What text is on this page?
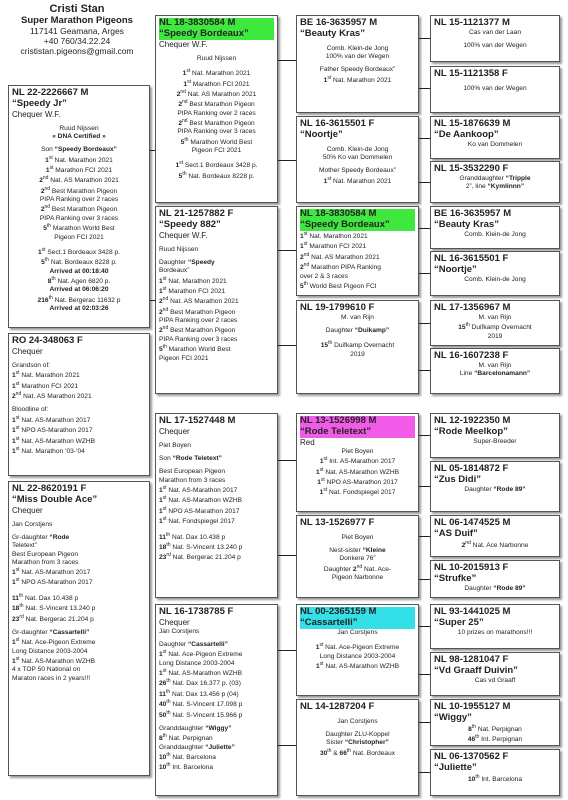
Cristi Stan
Super Marathon Pigeons
117141 Geamana, Arges
+40 760/34.22.24
crististan.pigeons@gmail.com
NL 22-2226667 M
“Speedy Jr”
Chequer W.F.
Ruud Nijssen
« DNA Certified »
Son “Speedy Bordeaux”
1st Nat. Marathon 2021
1st Marathon FCI 2021
2nd Nat. AS Marathon 2021
2nd Best Marathon Pigeon
PIPA Ranking over 2 races
2nd Best Marathon Pigeon
PIPA Ranking over 3 races
5th Marathon World Best
Pigeon FCI 2021
1st Sect.1 Bordeaux 3428 p.
5th Nat. Bordeaux 8228 p.
Arrived at 00:18:40
8th Nat. Agen 6820 p.
Arrived at 06:06:20
216th Nat. Bergerac 11632 p
Arrived at 02:03:26
RO 24-348063 F
Chequer
Grandson of:
1st Nat. Marathon 2021
1st Marathon FCI 2021
2nd Nat. AS Marathon 2021
Bloodline of:
1st Nat. AS-Marathon 2017
1st NPO AS-Marathon 2017
1st Nat. AS-Marathon WZHB
1st Nat. Marathon ‘03-‘04
NL 22-8620191 F
“Miss Double Ace”
Chequer
Jan Corstjens
Gr-daughter “Rode
Teletext”
Best European Pigeon
Marathon from 3 races
1st Nat. AS-Marathon 2017
1st NPO AS-Marathon 2017
11th Nat. Dax 10.438 p
18th Nat. S-Vincent 13.240 p
23rd Nat. Bergerac 21.204 p
Gr-daughter “Cassartelli”
1st Nat. Ace-Pigeon Extreme
Long Distance 2003-2004
1st Nat. AS-Marathon WZHB
4 x TOP 50 National on
Maraton races in 2 years!!!
NL 18-3830584 M
“Speedy Bordeaux”
Chequer W.F.
Ruud Nijssen
1st Nat. Marathon 2021
1st Marathon FCI 2021
2nd Nat. AS Marathon 2021
2nd Best Marathon Pigeon
PIPA Ranking over 2 races
2nd Best Marathon Pigeon
PIPA Ranking over 3 races
5th Marathon World Best
Pigeon FCI 2021
1st Sect.1 Bordeaux 3428 p.
5th Nat. Bordeaux 8228 p.
NL 21-1257882 F
“Speedy 882”
Chequer W.F.
Ruud Nijssen
Daughter “Speedy
Bordeaux”
1st Nat. Marathon 2021
1st Marathon FCI 2021
2nd Nat. AS Marathon 2021
2nd Best Marathon Pigeon
PIPA Ranking over 2 races
2nd Best Marathon Pigeon
PIPA Ranking over 3 races
5th Marathon World Best
Pigeon FCI 2021
NL 17-1527448 M
Chequer
Piet Boyen
Son “Rode Teletext”
Best European Pigeon
Marathon from 3 races
1st Nat. AS-Marathon 2017
1st Nat. AS-Marathon WZHB
1st NPO AS-Marathon 2017
1st Nat. Fondspiegel 2017
11th Nat. Dax 10.438 p
18th Nat. S-Vincent 13.240 p
23rd Nat. Bergerac 21.204 p
NL 16-1738785 F
Chequer
Jan Corstjens
Daughter “Cassartelli”
1st Nat. Ace-Pigeon Extreme
Long Distance 2003-2004
1st Nat. AS-Marathon WZHB
26th Nat. Dax 16.377 p. (03)
11th Nat. Dax 13.456 p (04)
40th Nat. S-Vincent 17.098 p
50th Nat. S-Vincent 15.966 p
Granddaughter “Wiggy”
8th Nat. Perpignan
Granddaughter “Juliette”
10th Nat. Barcelona
10th Int. Barcelona
BE 16-3635957 M
“Beauty Kras”
Comb. Klein-de Jong
100% van der Wegen
Father Speedy Bordeaux”
1st Nat. Marathon 2021
NL 16-3615501 F
“Noortje”
Comb. Klein-de Jong
50% Ko van Dommelen
Mother Speedy Bordeaux”
1st Nat. Marathon 2021
NL 18-3830584 M
“Speedy Bordeaux”
1st Nat. Marathon 2021
1st Marathon FCI 2021
2nd Nat. AS Marathon 2021
2nd Marathon PIPA Ranking
over 2 & 3 races
5th World Best Pigeon FCI
NL 19-1799610 F
M. van Rijn
Daughter “Duikamp”
15th Duifkamp Overnacht
2019
NL 13-1526998 M
“Rode Teletext”
Red
Piet Boyen
1st Int. AS-Marathon 2017
1st Nat. AS-Marathon WZHB
1st NPO AS-Marathon 2017
1st Nat. Fondspiegel 2017
NL 13-1526977 F
Piet Boyen
Nest-sister “Kleine
Donkere 76”
Daughter 2nd Nat. Ace-
Pigeon Narbonne
NL 00-2365159 M
“Cassartelli”
Jan Corstjens
1st Nat. Ace-Pigeon Extreme
Long Distance 2003-2004
1st Nat. AS-Marathon WZHB
NL 14-1287204 F
Jan Corstjens
Daughter ZLU-Koppel
Sister “Christopher”
30th & 66th Nat. Bordeaux
NL 15-1121377 M
Cas van der Laan
100% van der Wegen
NL 15-1121358 F
100% van der Wegen
NL 15-1876639 M
“De Aankoop”
Ko van Dommelen
NL 15-3532290 F
Granddaughter “Tripple
2”, line “Kymlinnn”
BE 16-3635957 M
“Beauty Kras”
Comb. Klein-de Jong
NL 16-3615501 F
“Noortje”
Comb. Klein-de Jong
NL 17-1356967 M
M. van Rijn
15th Duifkamp Overnacht
2019
NL 16-1607238 F
M. van Rijn
Line “Barcelonamann”
NL 12-1922350 M
“Rode Meelkop”
Super-Breeder
NL 05-1814872 F
“Zus Didi”
Daughter “Rode 89”
NL 06-1474525 M
“AS Duif”
2nd Nat. Ace Narbonne
NL 10-2015913 F
“Strufke”
Daughter “Rode 89”
NL 93-1441025 M
“Super 25”
10 prizes on marathons!!!
NL 98-1281047 F
“Vd Graaff Duivin”
Cas vd Graaff
NL 10-1955127 M
“Wiggy”
8th Nat. Perpignan
46th Int. Perpignan
NL 06-1370562 F
“Juliette”
10th Int. Barcelona
